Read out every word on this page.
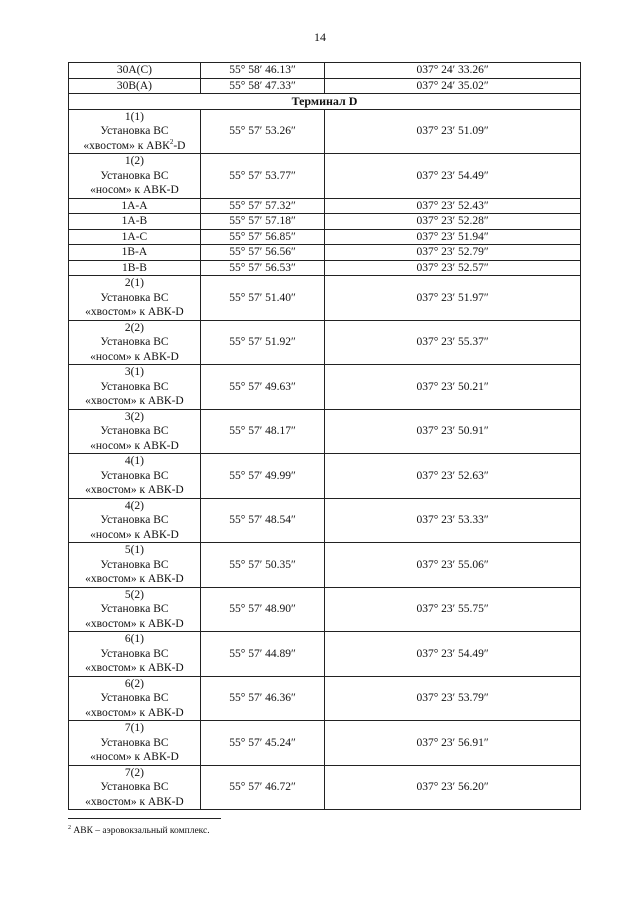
14
30A(C)	55° 58′ 46.13″	037° 24′ 33.26″
30B(A)	55° 58′ 47.33″	037° 24′ 35.02″
Терминал D		

1(1)
Установка ВС
«хвостом» к АВК$^2$-D	55° 57′ 53.26″	037° 23′ 51.09″

1(2)
Установка ВС
«носом» к АВК-D	55° 57′ 53.77″	037° 23′ 54.49″
1A-A	55° 57′ 57.32″	037° 23′ 52.43″
1A-B	55° 57′ 57.18″	037° 23′ 52.28″
1A-C	55° 57′ 56.85″	037° 23′ 51.94″
1B-A	55° 57′ 56.56″	037° 23′ 52.79″
1B-B	55° 57′ 56.53″	037° 23′ 52.57″

2(1)
Установка ВС
«хвостом» к АВК-D	55° 57′ 51.40″	037° 23′ 51.97″

2(2)
Установка ВС
«носом» к АВК-D	55° 57′ 51.92″	037° 23′ 55.37″

3(1)
Установка ВС
«хвостом» к АВК-D	55° 57′ 49.63″	037° 23′ 50.21″

3(2)
Установка ВС
«носом» к АВК-D	55° 57′ 48.17″	037° 23′ 50.91″

4(1)
Установка ВС
«хвостом» к АВК-D	55° 57′ 49.99″	037° 23′ 52.63″

4(2)
Установка ВС
«носом» к АВК-D	55° 57′ 48.54″	037° 23′ 53.33″

5(1)
Установка ВС
«хвостом» к АВК-D	55° 57′ 50.35″	037° 23′ 55.06″

5(2)
Установка ВС
«хвостом» к АВК-D	55° 57′ 48.90″	037° 23′ 55.75″

6(1)
Установка ВС
«хвостом» к АВК-D	55° 57′ 44.89″	037° 23′ 54.49″

6(2)
Установка ВС
«хвостом» к АВК-D	55° 57′ 46.36″	037° 23′ 53.79″

7(1)
Установка ВС
«носом» к АВК-D	55° 57′ 45.24″	037° 23′ 56.91″

7(2)
Установка ВС
«хвостом» к АВК-D	55° 57′ 46.72″	037° 23′ 56.20″
$^2$ АВК – аэровокзальный комплекс.
